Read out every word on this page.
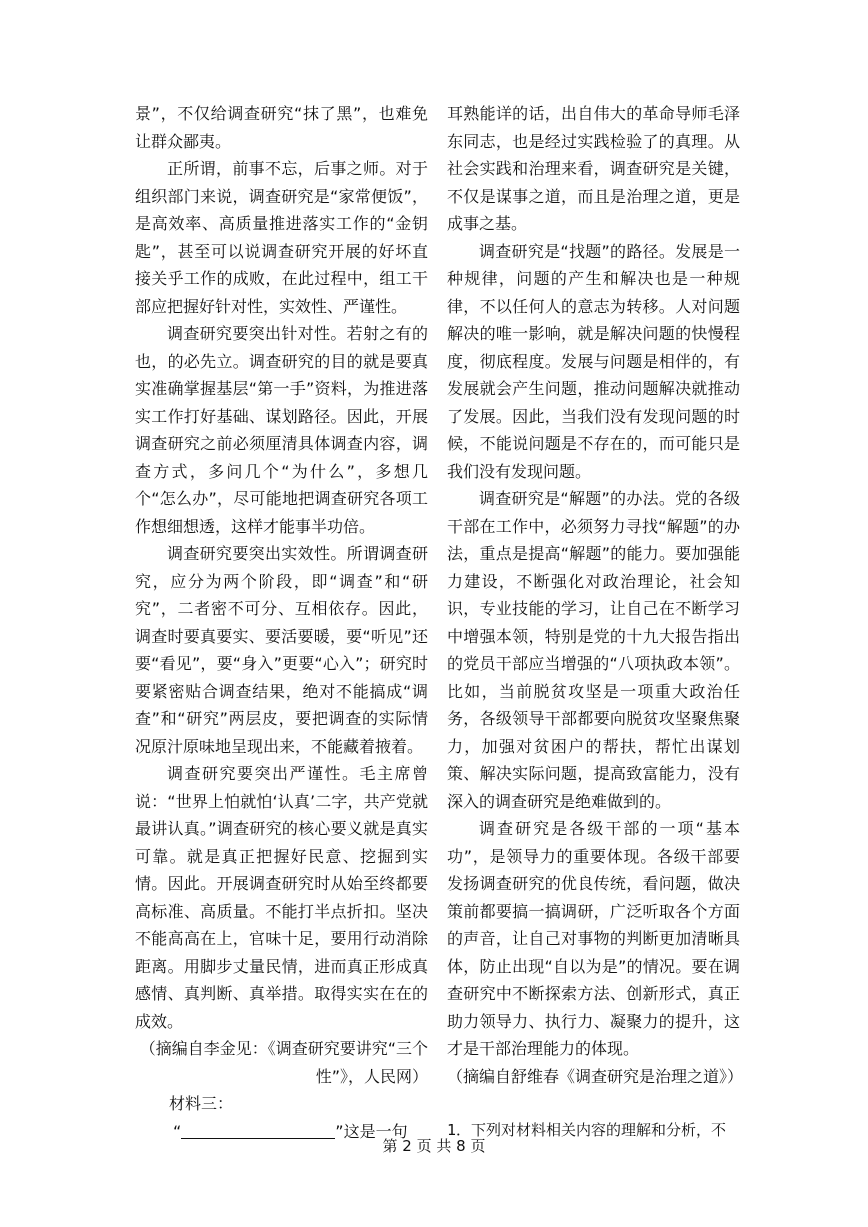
景”，不仅给调查研究“抹了黑”，也难免让群众鄙夷。

正所谓，前事不忘，后事之师。对于组织部门来说，调查研究是“家常便饭”，是高效率、高质量推进落实工作的“金钥匙”，甚至可以说调查研究开展的好坏直接关乎工作的成败，在此过程中，组工干部应把握好针对性，实效性、严谨性。

调查研究要突出针对性。若射之有的也，的必先立。调查研究的目的就是要真实准确掌握基层“第一手”资料，为推进落实工作打好基础、谋划路径。因此，开展调查研究之前必须厘清具体调查内容，调查方式，多问几个“为什么”，多想几个“怎么办”，尽可能地把调查研究各项工作想细想透，这样才能事半功倍。

调查研究要突出实效性。所谓调查研究，应分为两个阶段，即“调查”和“研究”，二者密不可分、互相依存。因此，调查时要真要实、要活要暖，要“听见”还要“看见”，要“身入”更要“心入”；研究时要紧密贴合调查结果，绝对不能搞成“调查”和“研究”两层皮，要把调查的实际情况原汁原味地呈现出来，不能藏着掖着。

调查研究要突出严谨性。毛主席曾说：“世界上怕就怕‘认真’二字，共产党就最讲认真。”调查研究的核心要义就是真实可靠。就是真正把握好民意、挖掘到实情。因此。开展调查研究时从始至终都要高标准、高质量。不能打半点折扣。坚决不能高高在上，官味十足，要用行动消除距离。用脚步丈量民情，进而真正形成真感情、真判断、真举措。取得实实在在的成效。

（摘编自李金见：《调查研究要讲究“三个性”》，人民网）

材料三：

“	”这是一句

耳熟能详的话，出自伟大的革命导师毛泽东同志，也是经过实践检验了的真理。从社会实践和治理来看，调查研究是关键，不仅是谋事之道，而且是治理之道，更是成事之基。

调查研究是“找题”的路径。发展是一种规律，问题的产生和解决也是一种规律，不以任何人的意志为转移。人对问题解决的唯一影响，就是解决问题的快慢程度，彻底程度。发展与问题是相伴的，有发展就会产生问题，推动问题解决就推动了发展。因此，当我们没有发现问题的时候，不能说问题是不存在的，而可能只是我们没有发现问题。

调查研究是“解题”的办法。党的各级干部在工作中，必须努力寻找“解题”的办法，重点是提高“解题”的能力。要加强能力建设，不断强化对政治理论，社会知识，专业技能的学习，让自己在不断学习中增强本领，特别是党的十九大报告指出的党员干部应当增强的“八项执政本领”。比如，当前脱贫攻坚是一项重大政治任务，各级领导干部都要向脱贫攻坚聚焦聚力，加强对贫困户的帮扶，帮忙出谋划策、解决实际问题，提高致富能力，没有深入的调查研究是绝难做到的。

调查研究是各级干部的一项“基本功”，是领导力的重要体现。各级干部要发扬调查研究的优良传统，看问题，做决策前都要搞一搞调研，广泛听取各个方面的声音，让自己对事物的判断更加清晰具体，防止出现“自以为是”的情况。要在调查研究中不断探索方法、创新形式，真正助力领导力、执行力、凝聚力的提升，这才是干部治理能力的体现。

（摘编自舒维春《调查研究是治理之道》）

1．下列对材料相关内容的理解和分析，不

第 2 页 共 8 页
